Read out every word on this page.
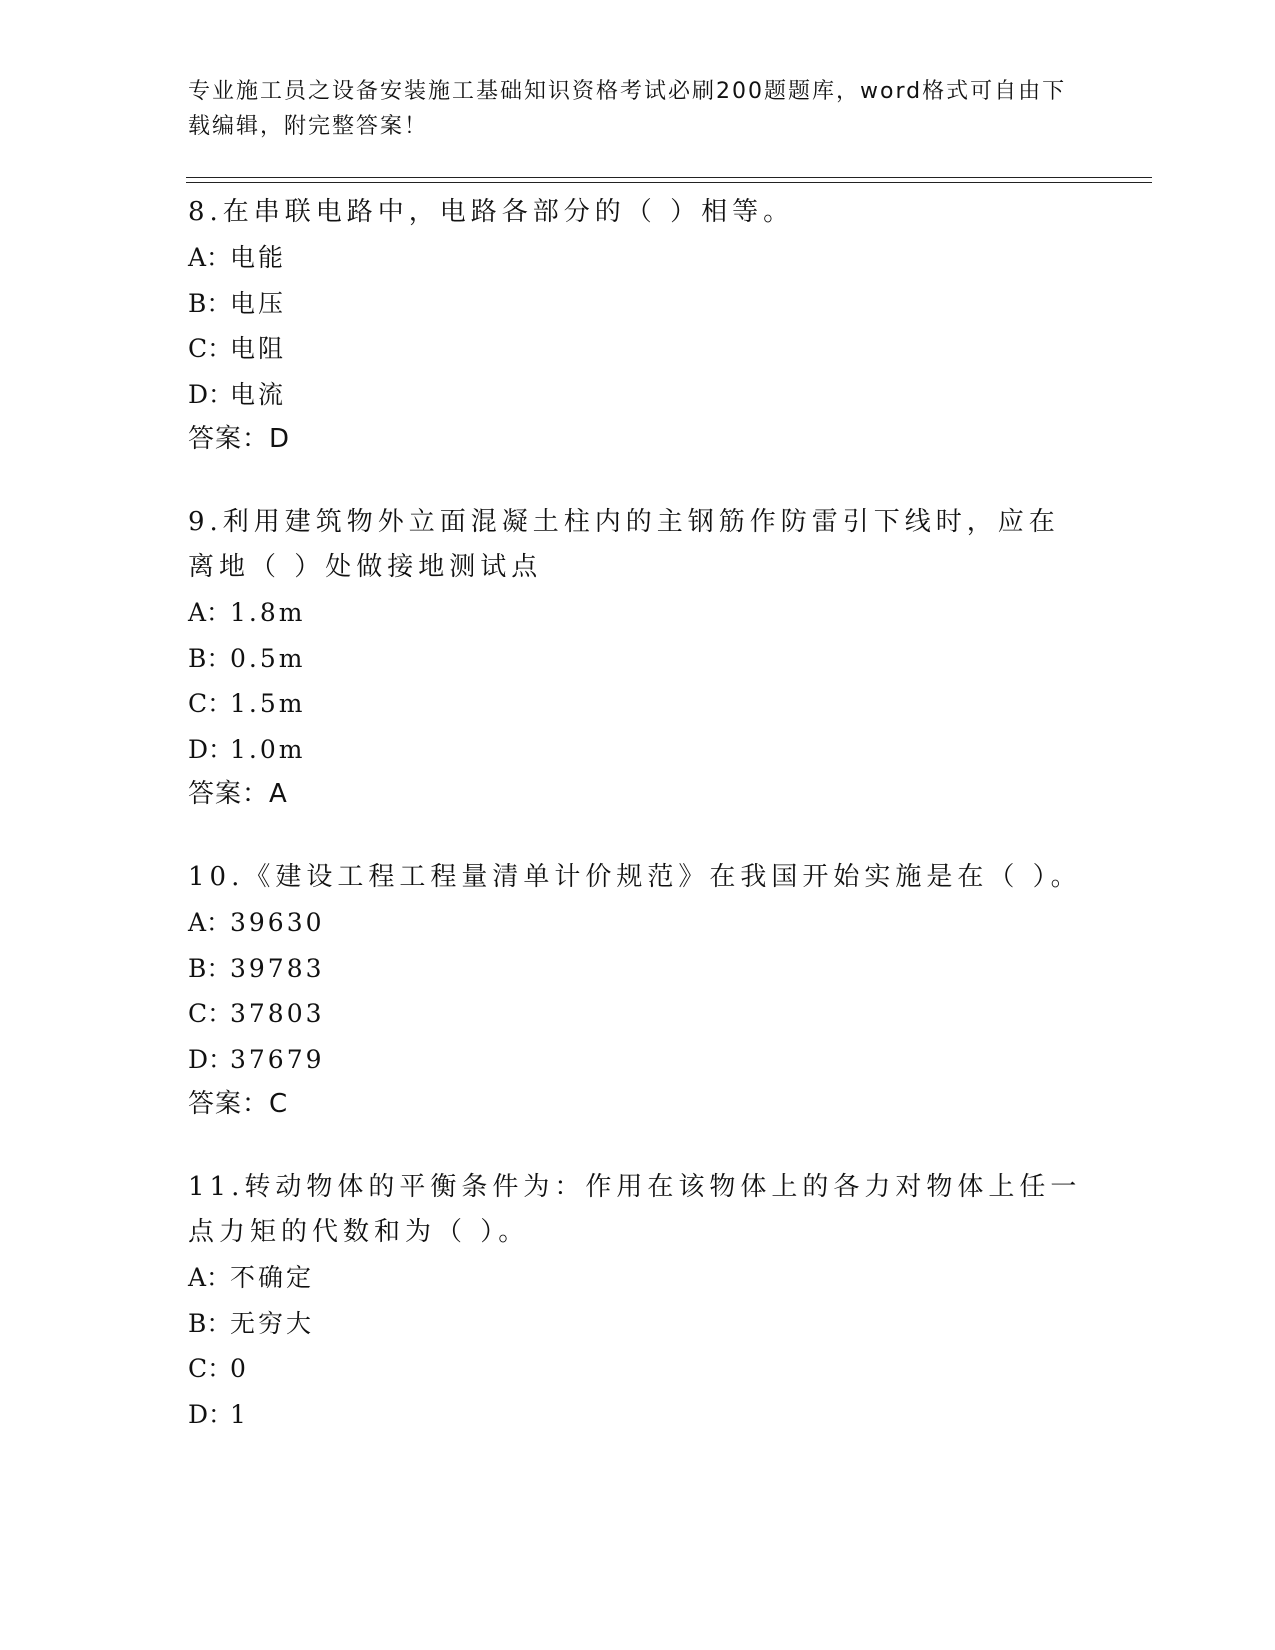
专业施工员之设备安装施工基础知识资格考试必刷200题题库，word格式可自由下载编辑，附完整答案！
8.在串联电路中，电路各部分的（ ）相等。
A：电能
B：电压
C：电阻
D：电流
答案：D
9.利用建筑物外立面混凝土柱内的主钢筋作防雷引下线时，应在离地（ ）处做接地测试点
A：1.8m
B：0.5m
C：1.5m
D：1.0m
答案：A
10.《建设工程工程量清单计价规范》在我国开始实施是在（ ）。
A：39630
B：39783
C：37803
D：37679
答案：C
11.转动物体的平衡条件为：作用在该物体上的各力对物体上任一点力矩的代数和为（ ）。
A：不确定
B：无穷大
C：0
D：1
